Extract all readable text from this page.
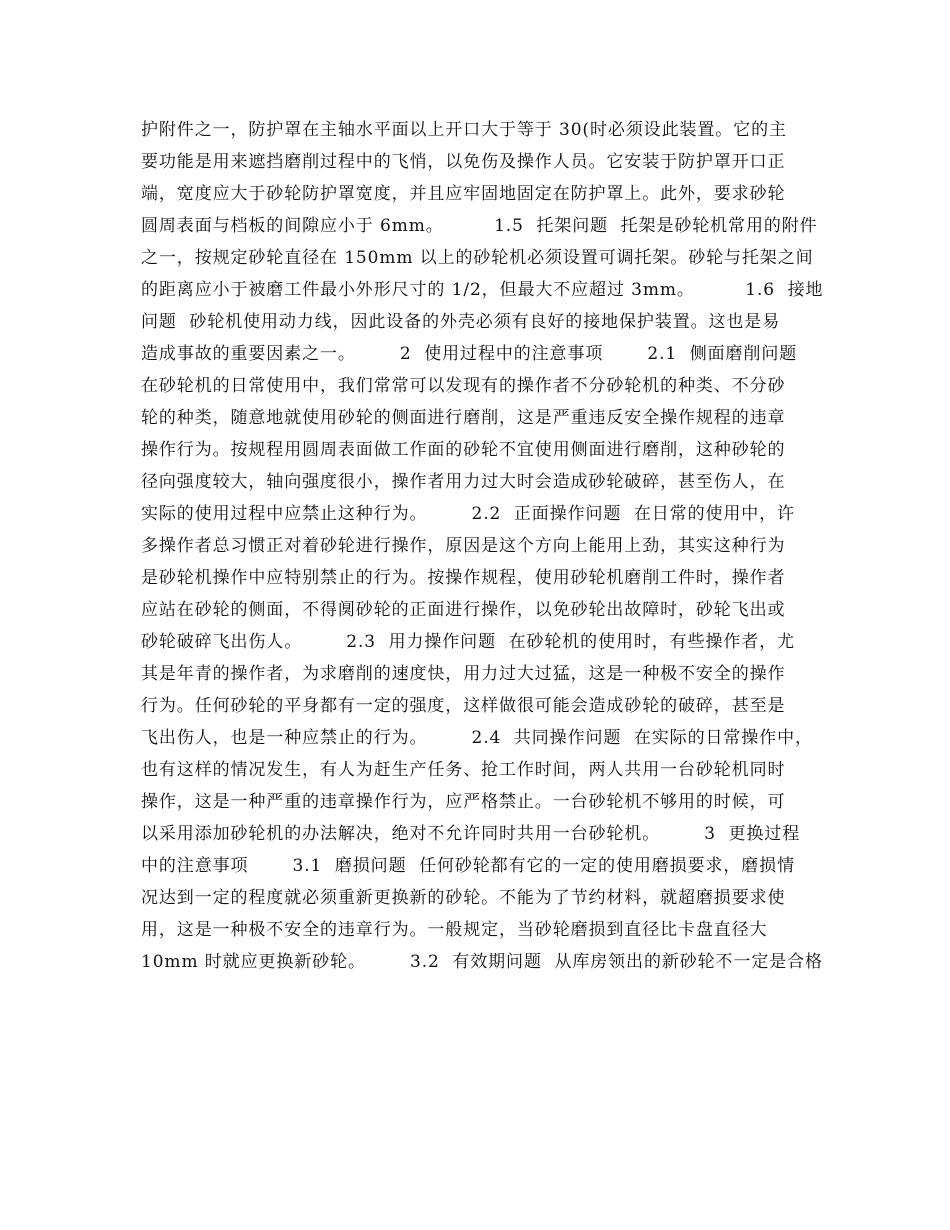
护附件之一，防护罩在主轴水平面以上开口大于等于 30(时必须设此装置。它的主
要功能是用来遮挡磨削过程中的飞悄，以免伤及操作人员。它安装于防护罩开口正
端，宽度应大于砂轮防护罩宽度，并且应牢固地固定在防护罩上。此外，要求砂轮
圆周表面与档板的间隙应小于 6mm。        1.5  托架问题  托架是砂轮机常用的附件
之一，按规定砂轮直径在 150mm 以上的砂轮机必须设置可调托架。砂轮与托架之间
的距离应小于被磨工件最小外形尺寸的 1/2，但最大不应超过 3mm。        1.6  接地
问题  砂轮机使用动力线，因此设备的外壳必须有良好的接地保护装置。这也是易
造成事故的重要因素之一。       2  使用过程中的注意事项       2.1  侧面磨削问题
在砂轮机的日常使用中，我们常常可以发现有的操作者不分砂轮机的种类、不分砂
轮的种类，随意地就使用砂轮的侧面进行磨削，这是严重违反安全操作规程的违章
操作行为。按规程用圆周表面做工作面的砂轮不宜使用侧面进行磨削，这种砂轮的
径向强度较大，轴向强度很小，操作者用力过大时会造成砂轮破碎，甚至伤人，在
实际的使用过程中应禁止这种行为。       2.2  正面操作问题  在日常的使用中，许
多操作者总习惯正对着砂轮进行操作，原因是这个方向上能用上劲，其实这种行为
是砂轮机操作中应特别禁止的行为。按操作规程，使用砂轮机磨削工件时，操作者
应站在砂轮的侧面，不得阒砂轮的正面进行操作，以免砂轮出故障时，砂轮飞出或
砂轮破碎飞出伤人。       2.3  用力操作问题  在砂轮机的使用时，有些操作者，尤
其是年青的操作者，为求磨削的速度快，用力过大过猛，这是一种极不安全的操作
行为。任何砂轮的平身都有一定的强度，这样做很可能会造成砂轮的破碎，甚至是
飞出伤人，也是一种应禁止的行为。       2.4  共同操作问题  在实际的日常操作中，
也有这样的情况发生，有人为赶生产任务、抢工作时间，两人共用一台砂轮机同时
操作，这是一种严重的违章操作行为，应严格禁止。一台砂轮机不够用的时候，可
以采用添加砂轮机的办法解决，绝对不允许同时共用一台砂轮机。       3  更换过程
中的注意事项       3.1  磨损问题  任何砂轮都有它的一定的使用磨损要求，磨损情
况达到一定的程度就必须重新更换新的砂轮。不能为了节约材料，就超磨损要求使
用，这是一种极不安全的违章行为。一般规定，当砂轮磨损到直径比卡盘直径大
10mm 时就应更换新砂轮。       3.2  有效期问题  从库房领出的新砂轮不一定是合格
